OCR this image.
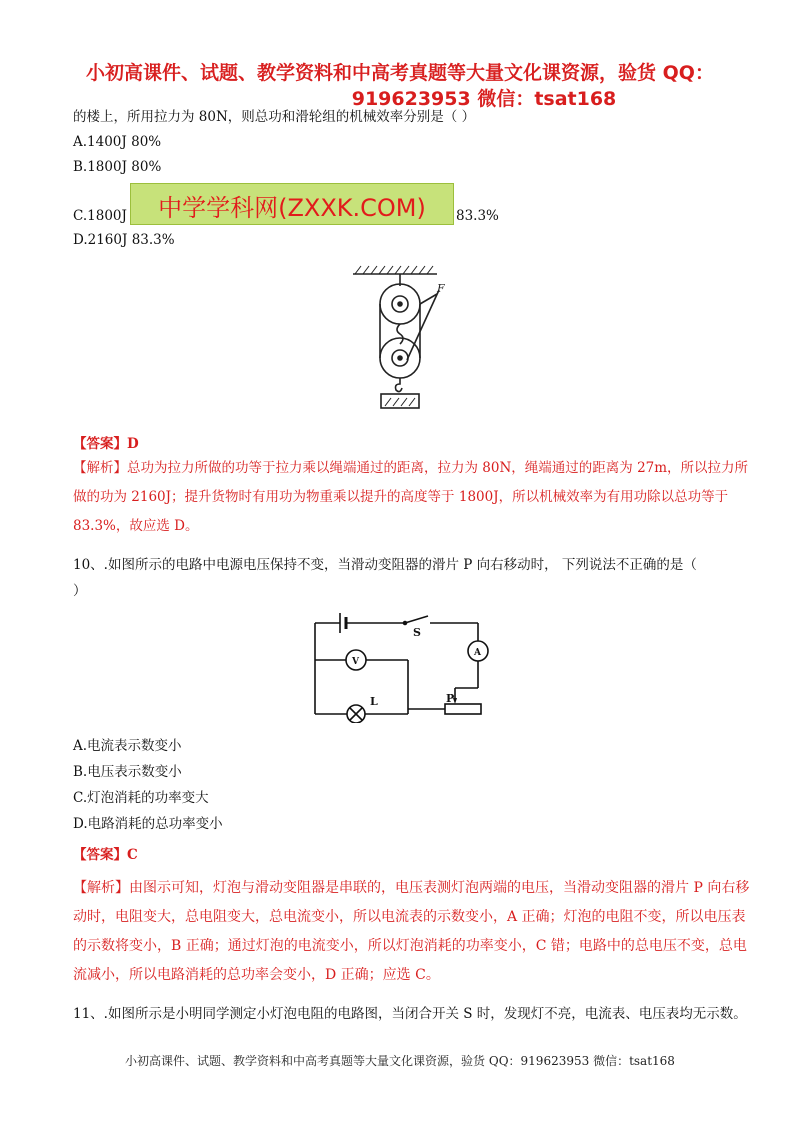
小初高课件、试题、教学资料和中高考真题等大量文化课资源，验货 QQ：
919623953 微信：tsat168
的楼上，所用拉力为 80N，则总功和滑轮组的机械效率分别是（ ）
A.1400J 80%
B.1800J 80%
C.1800J	83.3%
D.2160J 83.3%
中学学科网(ZXXK.COM)
F
【答案】D
【解析】总功为拉力所做的功等于拉力乘以绳端通过的距离，拉力为 80N，绳端通过的距离为 27m，所以拉力所做的功为 2160J；提升货物时有用功为物重乘以提升的高度等于 1800J，所以机械效率为有用功除以总功等于 83.3%，故应选 D。
10、.如图所示的电路中电源电压保持不变，当滑动变阻器的滑片 P 向右移动时， 下列说法不正确的是（
）
S
A
V
L	P
A.电流表示数变小
B.电压表示数变小
C.灯泡消耗的功率变大
D.电路消耗的总功率变小
【答案】C
【解析】由图示可知，灯泡与滑动变阻器是串联的，电压表测灯泡两端的电压，当滑动变阻器的滑片 P 向右移动时，电阻变大，总电阻变大，总电流变小，所以电流表的示数变小，A 正确；灯泡的电阻不变，所以电压表的示数将变小，B 正确；通过灯泡的电流变小，所以灯泡消耗的功率变小，C 错；电路中的总电压不变，总电流减小，所以电路消耗的总功率会变小，D 正确；应选 C。
11、.如图所示是小明同学测定小灯泡电阻的电路图，当闭合开关 S 时，发现灯不亮，电流表、电压表均无示数。
小初高课件、试题、教学资料和中高考真题等大量文化课资源，验货 QQ：919623953 微信：tsat168
